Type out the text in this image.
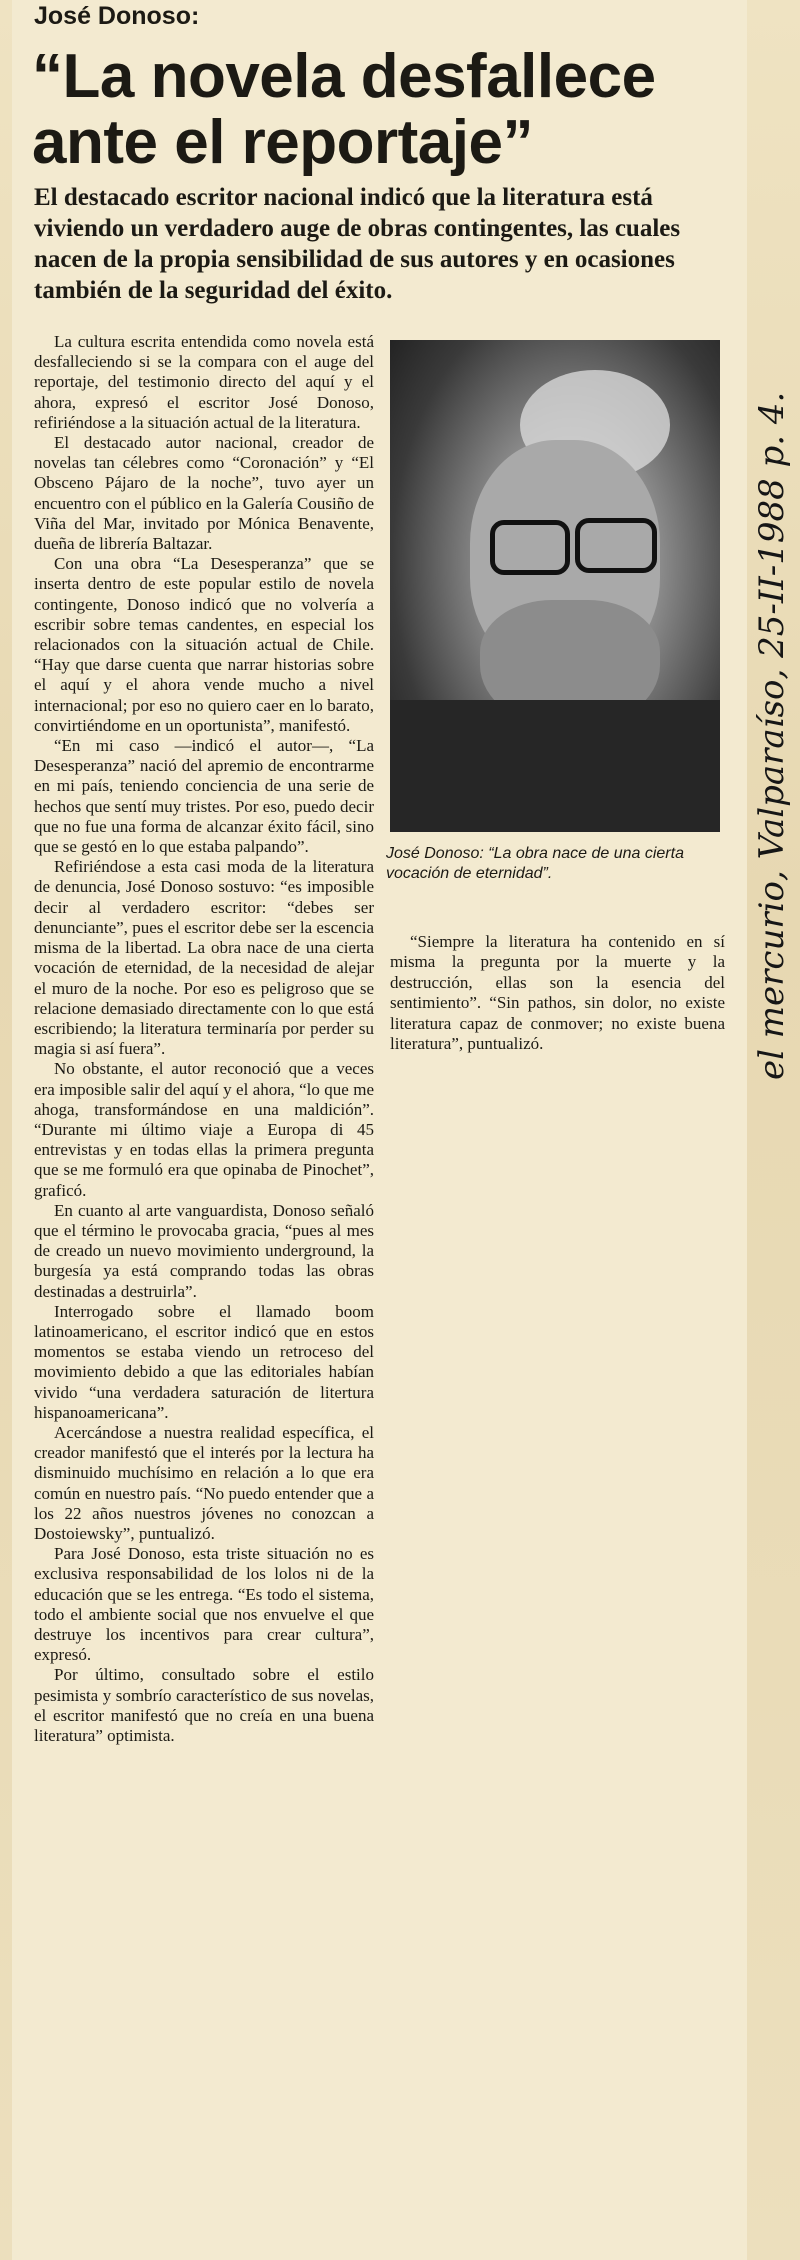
José Donoso:
“La novela desfallece ante el reportaje”
El destacado escritor nacional indicó que la literatura está viviendo un verdadero auge de obras contingentes, las cuales nacen de la propia sensibilidad de sus autores y en ocasiones también de la seguridad del éxito.

La cultura escrita entendida como novela está desfalleciendo si se la compara con el auge del reportaje, del testimonio directo del aquí y el ahora, expresó el escritor José Donoso, refiriéndose a la situación actual de la literatura.

El destacado autor nacional, creador de novelas tan célebres como “Coronación” y “El Obsceno Pájaro de la noche”, tuvo ayer un encuentro con el público en la Galería Cousiño de Viña del Mar, invitado por Mónica Benavente, dueña de librería Baltazar.

Con una obra “La Desesperanza” que se inserta dentro de este popular estilo de novela contingente, Donoso indicó que no volvería a escribir sobre temas candentes, en especial los relacionados con la situación actual de Chile. “Hay que darse cuenta que narrar historias sobre el aquí y el ahora vende mucho a nivel internacional; por eso no quiero caer en lo barato, convirtiéndome en un oportunista”, manifestó.

“En mi caso —indicó el autor—, “La Desesperanza” nació del apremio de encontrarme en mi país, teniendo conciencia de una serie de hechos que sentí muy tristes. Por eso, puedo decir que no fue una forma de alcanzar éxito fácil, sino que se gestó en lo que estaba palpando”.

Refiriéndose a esta casi moda de la literatura de denuncia, José Donoso sostuvo: “es imposible decir al verdadero escritor: “debes ser denunciante”, pues el escritor debe ser la escencia misma de la libertad. La obra nace de una cierta vocación de eternidad, de la necesidad de alejar el muro de la noche. Por eso es peligroso que se relacione demasiado directamente con lo que está escribiendo; la literatura terminaría por perder su magia si así fuera”.

No obstante, el autor reconoció que a veces era imposible salir del aquí y el ahora, “lo que me ahoga, transformándose en una maldición”. “Durante mi último viaje a Europa di 45 entrevistas y en todas ellas la primera pregunta que se me formuló era que opinaba de Pinochet”, graficó.

En cuanto al arte vanguardista, Donoso señaló que el término le provocaba gracia, “pues al mes de creado un nuevo movimiento underground, la burgesía ya está comprando todas las obras destinadas a destruirla”.

Interrogado sobre el llamado boom latinoamericano, el escritor indicó que en estos momentos se estaba viendo un retroceso del movimiento debido a que las editoriales habían vivido “una verdadera saturación de litertura hispanoamericana”.

Acercándose a nuestra realidad específica, el creador manifestó que el interés por la lectura ha disminuido muchísimo en relación a lo que era común en nuestro país. “No puedo entender que a los 22 años nuestros jóvenes no conozcan a Dostoiewsky”, puntualizó.

Para José Donoso, esta triste situación no es exclusiva responsabilidad de los lolos ni de la educación que se les entrega. “Es todo el sistema, todo el ambiente social que nos envuelve el que destruye los incentivos para crear cultura”, expresó.

Por último, consultado sobre el estilo pesimista y sombrío característico de sus novelas, el escritor manifestó que no creía en una buena literatura” optimista.

José Donoso: “La obra nace de una cierta vocación de eternidad”.

“Siempre la literatura ha contenido en sí misma la pregunta por la muerte y la destrucción, ellas son la esencia del sentimiento”. “Sin pathos, sin dolor, no existe literatura capaz de conmover; no existe buena literatura”, puntualizó.	el mercurio, Valparaíso, 25-II-1988 p. 4.
